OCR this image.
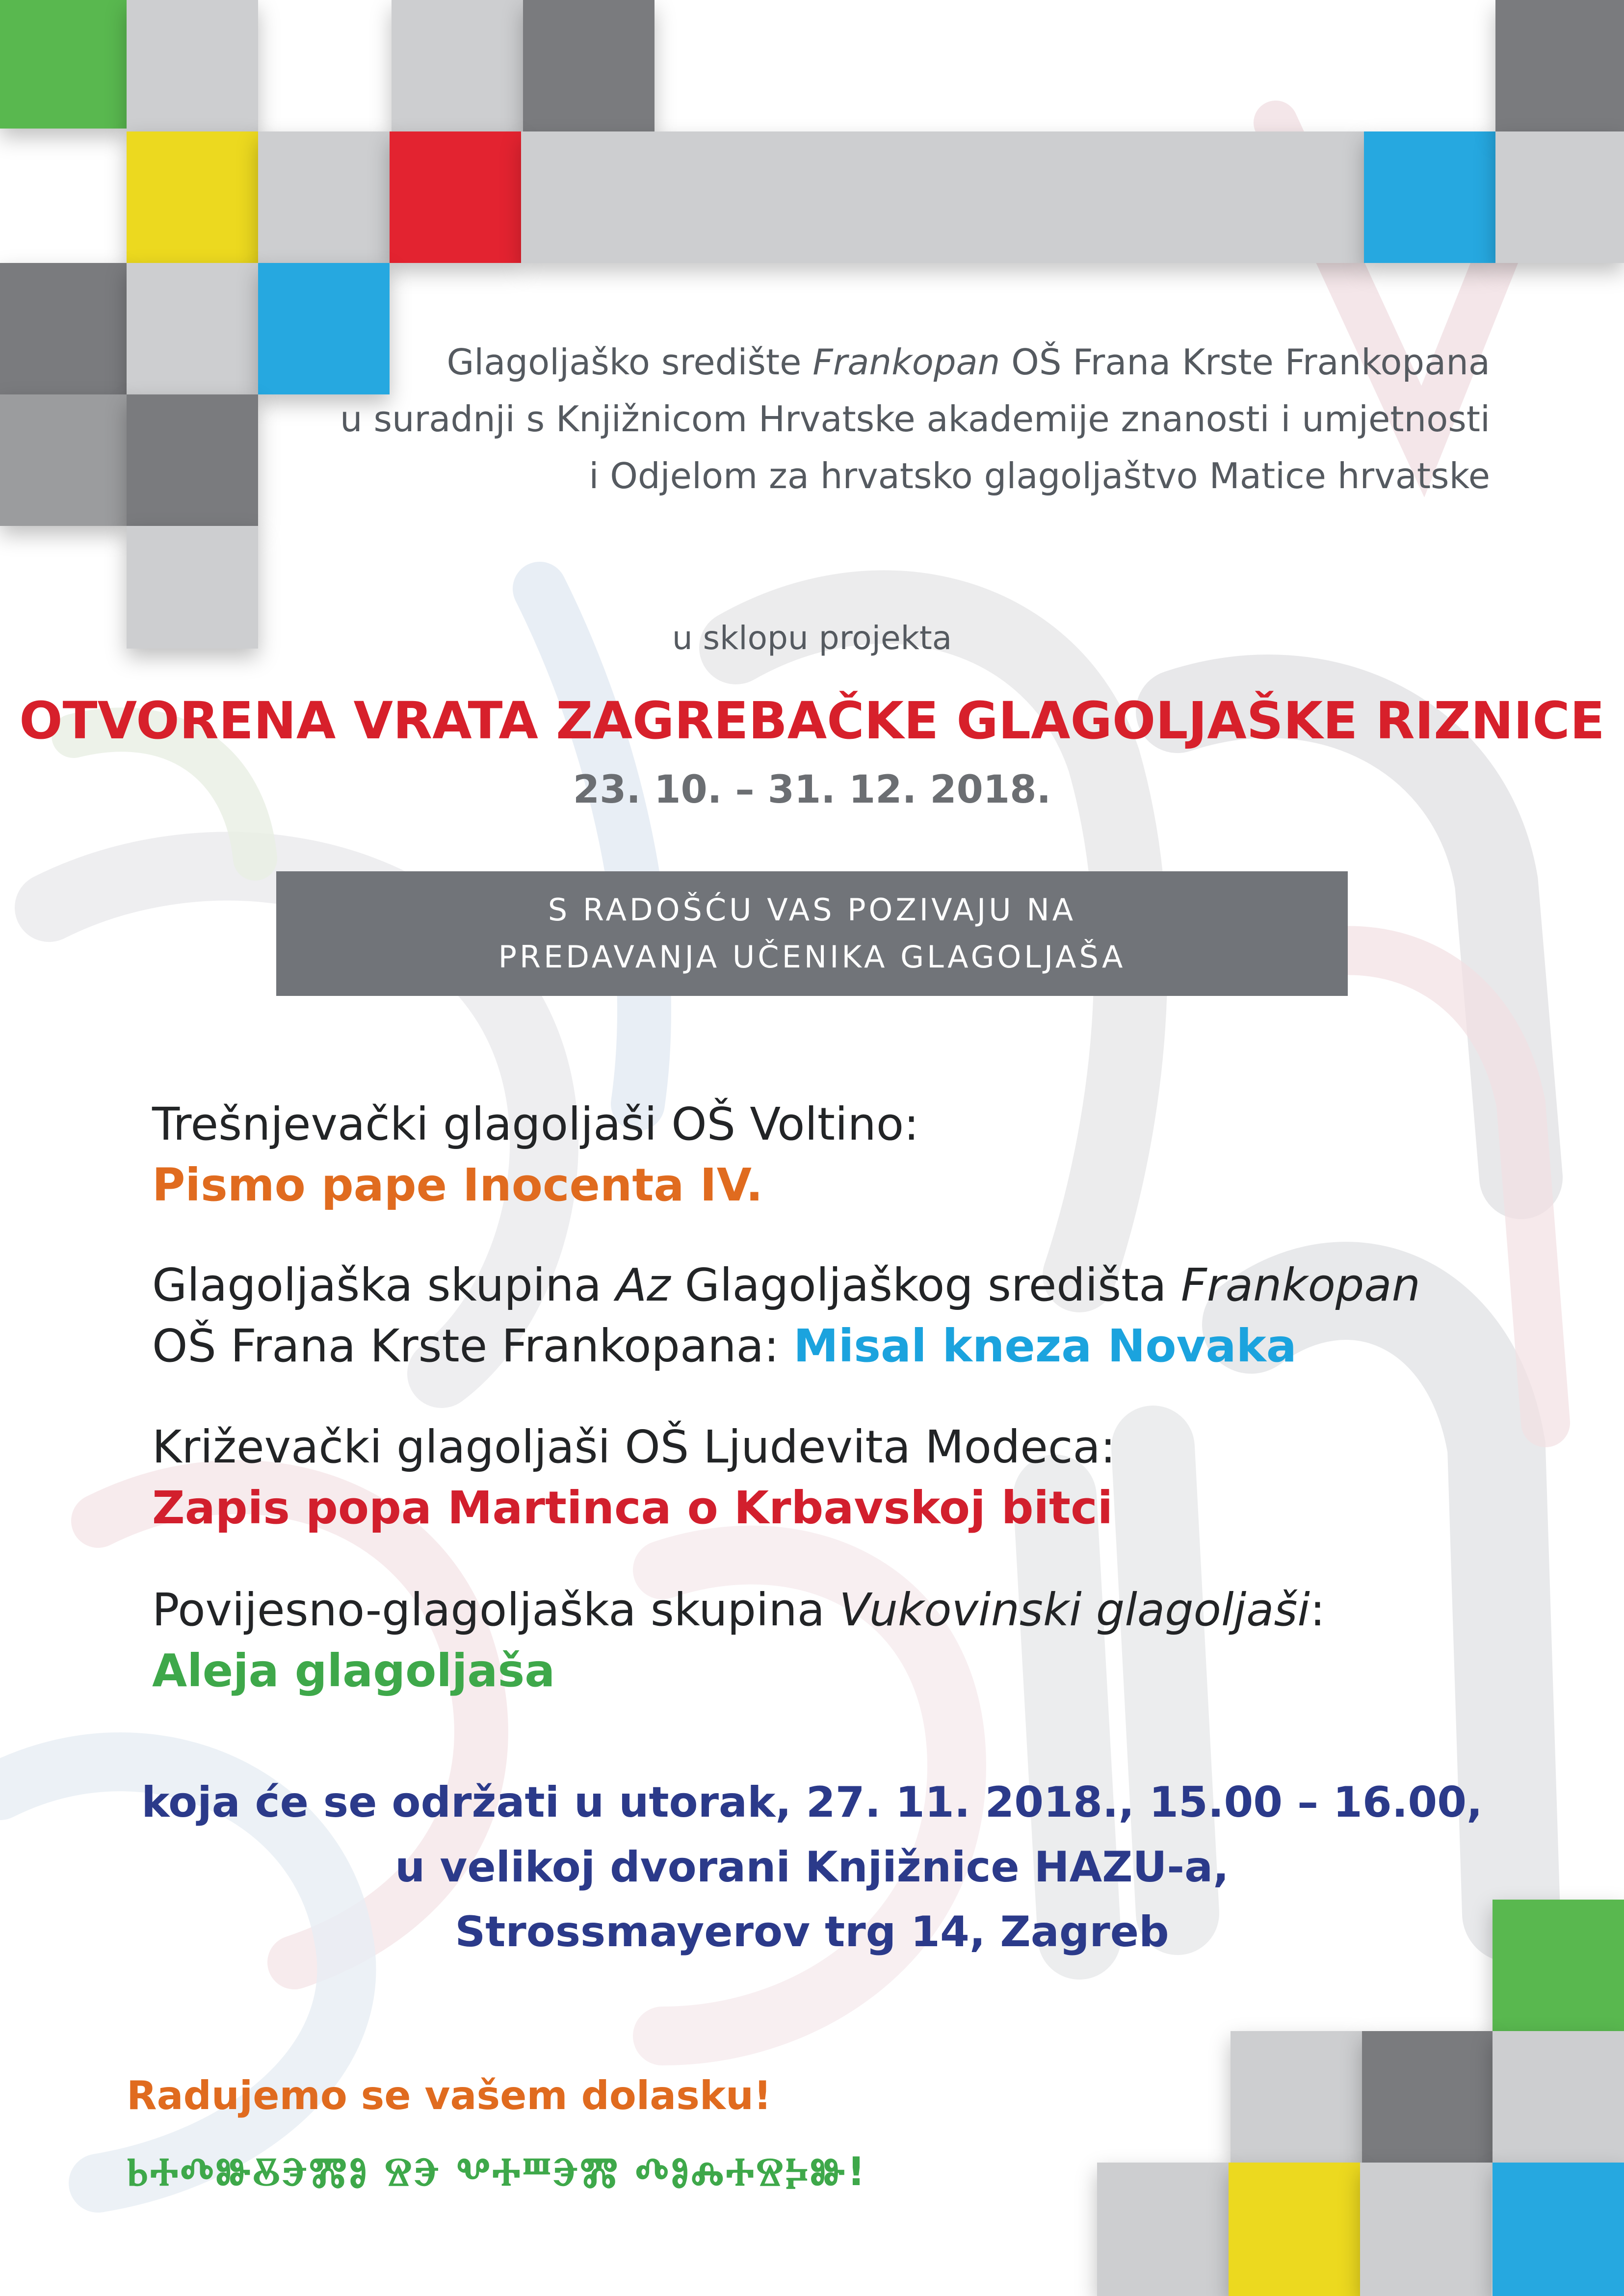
Glagoljaško središte Frankopan OŠ Frana Krste Frankopana
u suradnji s Knjižnicom Hrvatske akademije znanosti i umjetnosti
i Odjelom za hrvatsko glagoljaštvo Matice hrvatske
u sklopu projekta
OTVORENA VRATA ZAGREBAČKE GLAGOLJAŠKE RIZNICE
23. 10. – 31. 12. 2018.
S RADOŠĆU VAS POZIVAJU NA
PREDAVANJA UČENIKA GLAGOLJAŠA
Trešnjevački glagoljaši OŠ Voltino:
Pismo pape Inocenta IV.
Glagoljaška skupina Az Glagoljaškog središta Frankopan
OŠ Frana Krste Frankopana: Misal kneza Novaka
Križevački glagoljaši OŠ Ljudevita Modeca:
Zapis popa Martinca o Krbavskoj bitci
Povijesno-glagoljaška skupina Vukovinski glagoljaši:
Aleja glagoljaša
koja će se održati u utorak, 27. 11. 2018., 15.00 – 16.00,
u velikoj dvorani Knjižnice HAZU-a,
Strossmayerov trg 14, Zagreb
Radujemo se vašem dolasku!
ⰓⰀⰄⰖⰋⰅⰏⰑ ⰔⰅ ⰂⰀⰞⰅⰏ ⰄⰑⰎⰀⰔⰍⰖ!
